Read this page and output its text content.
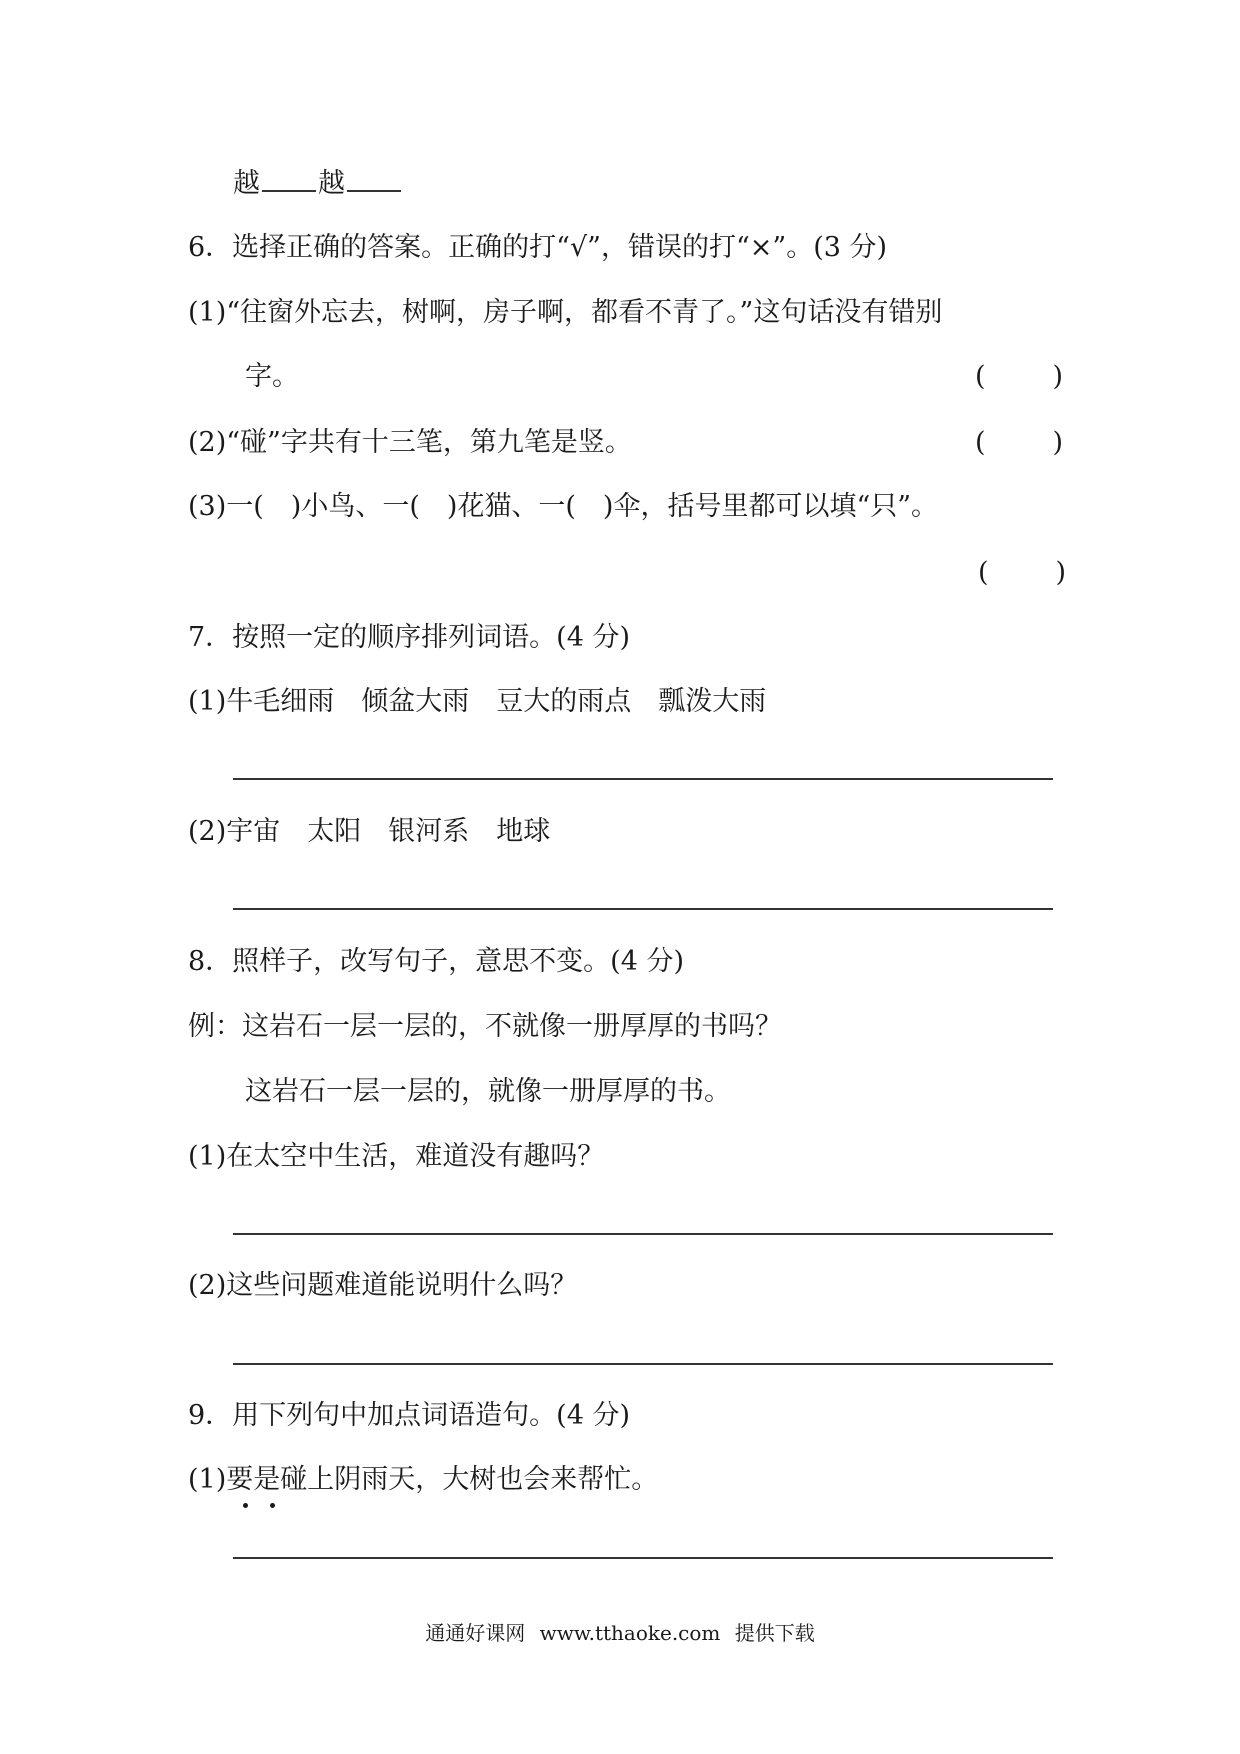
越 越
6．选择正确的答案。正确的打“√”，错误的打“×”。(3 分)
(1)“往窗外忘去，树啊，房子啊，都看不青了。”这句话没有错别
字。	(　)
(2)“碰”字共有十三笔，第九笔是竖。	(　)
(3)一(　)小鸟、一(　)花猫、一(　)伞，括号里都可以填“只”。
(　)
7．按照一定的顺序排列词语。(4 分)
(1)牛毛细雨　倾盆大雨　豆大的雨点　瓢泼大雨
(2)宇宙　太阳　银河系　地球
8．照样子，改写句子，意思不变。(4 分)
例：这岩石一层一层的，不就像一册厚厚的书吗？
这岩石一层一层的，就像一册厚厚的书。
(1)在太空中生活，难道没有趣吗？
(2)这些问题难道能说明什么吗？
9．用下列句中加点词语造句。(4 分)
(1)要是碰上阴雨天，大树也会来帮忙。
通通好课网 www.tthaoke.com 提供下载
